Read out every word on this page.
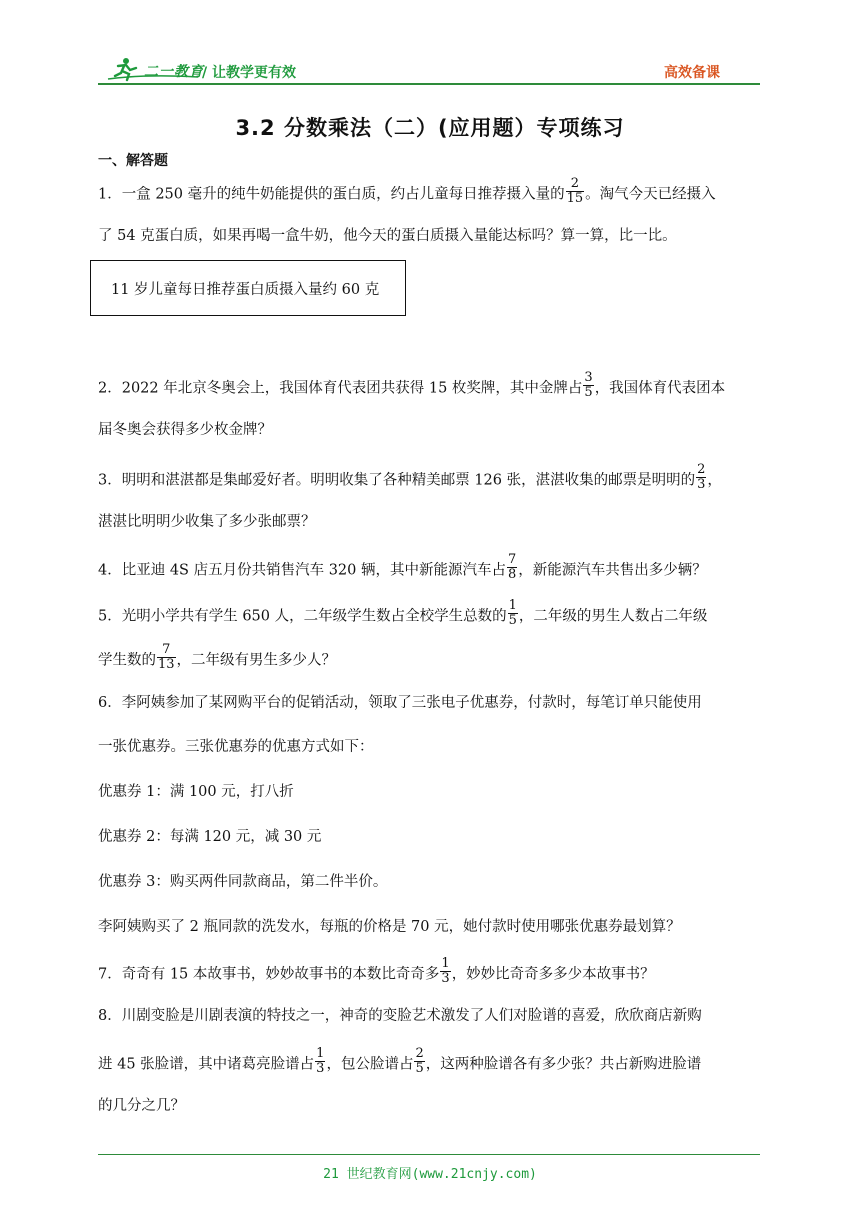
二一教育
/ 让教学更有效	高效备课
3.2 分数乘法（二）(应用题）专项练习
一、解答题
1．一盒 250 毫升的纯牛奶能提供的蛋白质，约占儿童每日推荐摄入量的 $\frac{2}{15}$ 。淘气今天已经摄入
了 54 克蛋白质，如果再喝一盒牛奶，他今天的蛋白质摄入量能达标吗？算一算，比一比。
11 岁儿童每日推荐蛋白质摄入量约 60 克
2．2022 年北京冬奥会上，我国体育代表团共获得 15 枚奖牌，其中金牌占 $\frac{3}{5}$ ，我国体育代表团本
届冬奥会获得多少枚金牌？
3．明明和湛湛都是集邮爱好者。明明收集了各种精美邮票 126 张，湛湛收集的邮票是明明的 $\frac{2}{3}$ ，
湛湛比明明少收集了多少张邮票？
4．比亚迪 4S 店五月份共销售汽车 320 辆，其中新能源汽车占 $\frac{7}{8}$ ，新能源汽车共售出多少辆？
5．光明小学共有学生 650 人，二年级学生数占全校学生总数的 $\frac{1}{5}$ ，二年级的男生人数占二年级
学生数的 $\frac{7}{13}$ ，二年级有男生多少人？
6．李阿姨参加了某网购平台的促销活动，领取了三张电子优惠券，付款时，每笔订单只能使用
一张优惠券。三张优惠券的优惠方式如下：
优惠券 1：满 100 元，打八折
优惠券 2：每满 120 元，减 30 元
优惠券 3：购买两件同款商品，第二件半价。
李阿姨购买了 2 瓶同款的洗发水，每瓶的价格是 70 元，她付款时使用哪张优惠券最划算？
7．奇奇有 15 本故事书，妙妙故事书的本数比奇奇多 $\frac{1}{3}$ ，妙妙比奇奇多多少本故事书？
8．川剧变脸是川剧表演的特技之一，神奇的变脸艺术激发了人们对脸谱的喜爱，欣欣商店新购
进 45 张脸谱，其中诸葛亮脸谱占 $\frac{1}{3}$ ，包公脸谱占 $\frac{2}{5}$ ，这两种脸谱各有多少张？共占新购进脸谱
的几分之几？
21 世纪教育网(www.21cnjy.com)
